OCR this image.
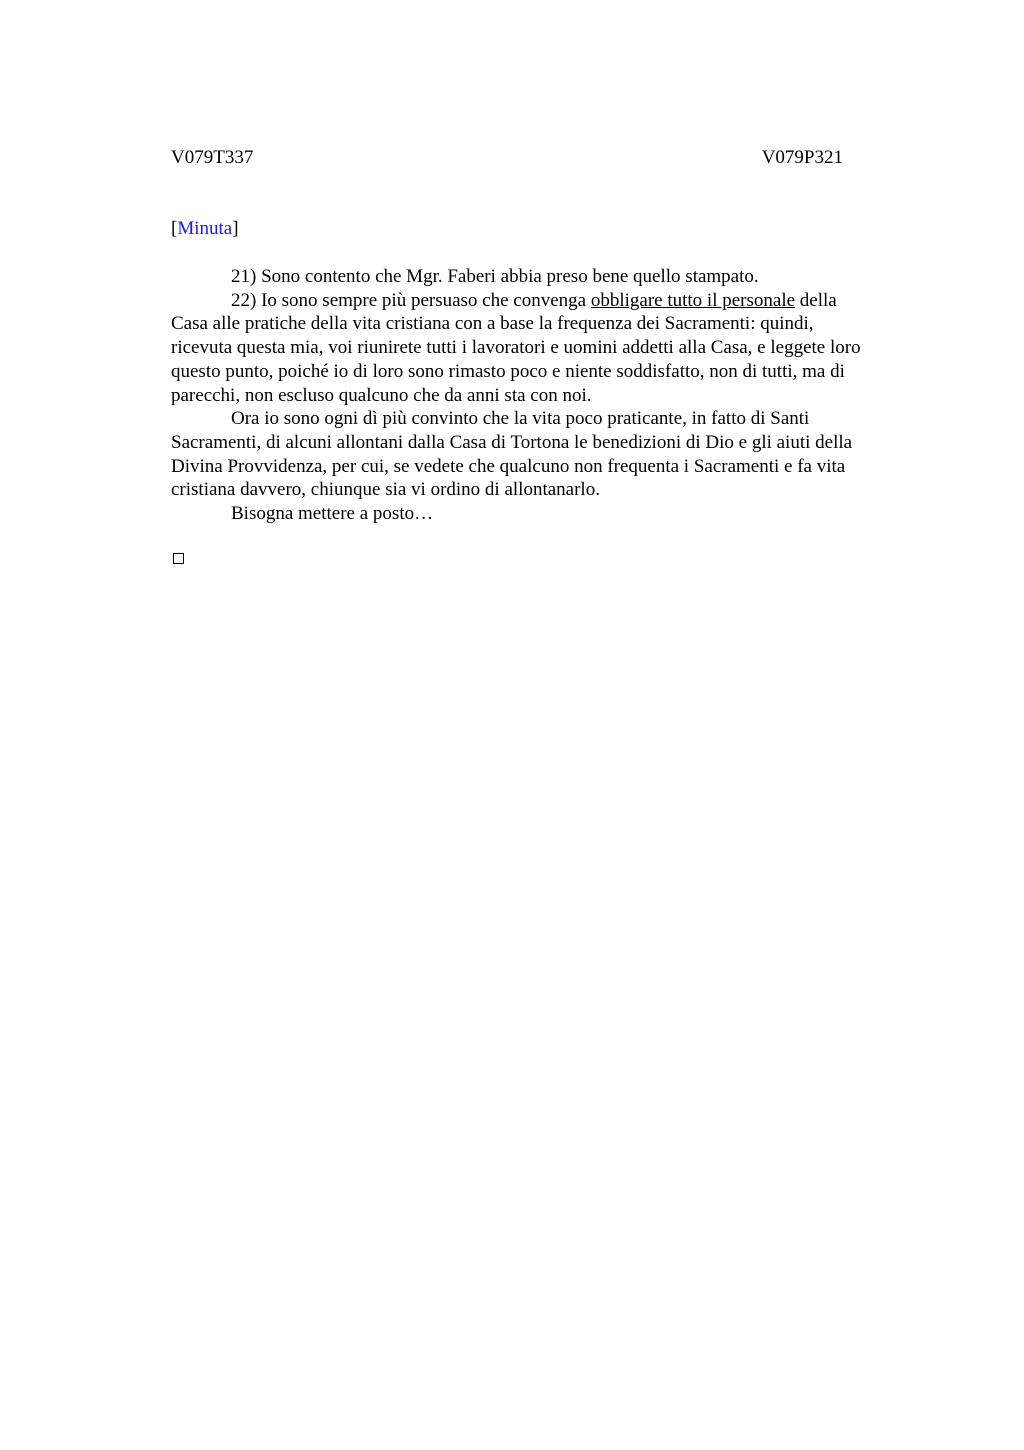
V079T337	V079P321
[Minuta]
21) Sono contento che Mgr. Faberi abbia preso bene quello stampato.
22) Io sono sempre più persuaso che convenga obbligare tutto il personale della
Casa alle pratiche della vita cristiana con a base la frequenza dei Sacramenti: quindi,
ricevuta questa mia, voi riunirete tutti i lavoratori e uomini addetti alla Casa, e leggete loro
questo punto, poiché io di loro sono rimasto poco e niente soddisfatto, non di tutti, ma di
parecchi, non escluso qualcuno che da anni sta con noi.
Ora io sono ogni dì più convinto che la vita poco praticante, in fatto di Santi
Sacramenti, di alcuni allontani dalla Casa di Tortona le benedizioni di Dio e gli aiuti della
Divina Provvidenza, per cui, se vedete che qualcuno non frequenta i Sacramenti e fa vita
cristiana davvero, chiunque sia vi ordino di allontanarlo.
Bisogna mettere a posto…
